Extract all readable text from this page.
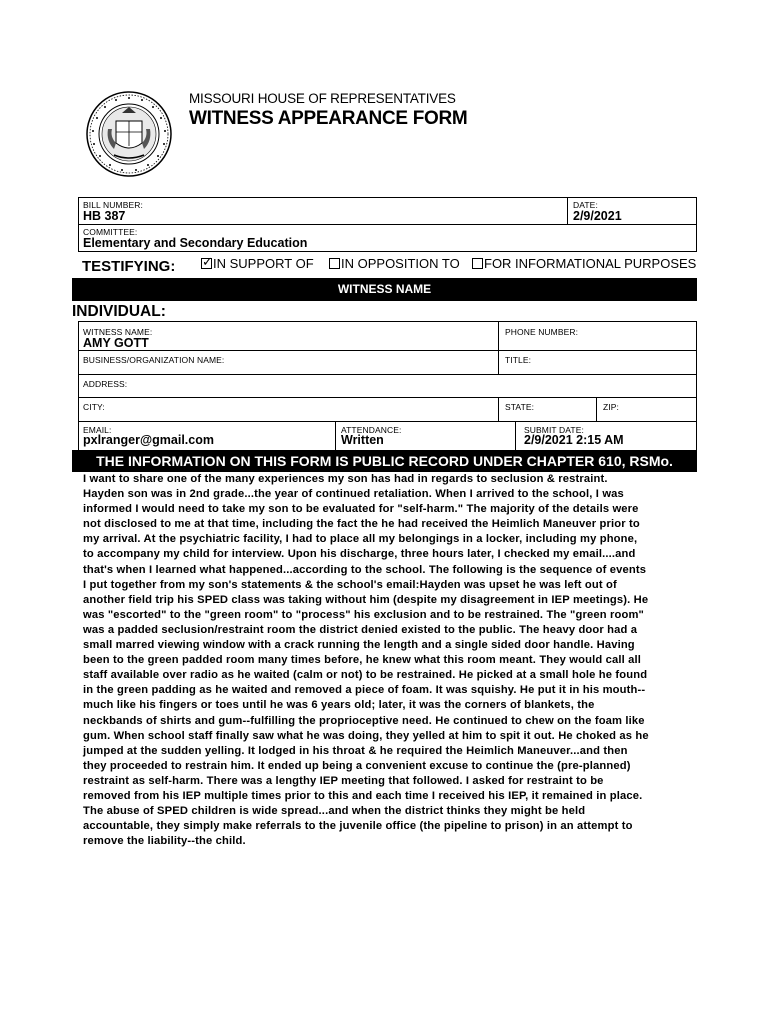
MISSOURI HOUSE OF REPRESENTATIVES
WITNESS APPEARANCE FORM
BILL NUMBER:
HB 387
DATE:
2/9/2021
COMMITTEE:
Elementary and Secondary Education
TESTIFYING: ✓ IN SUPPORT OF IN OPPOSITION TO FOR INFORMATIONAL PURPOSES
WITNESS NAME
INDIVIDUAL:
WITNESS NAME:
AMY GOTT
PHONE NUMBER:
BUSINESS/ORGANIZATION NAME:	TITLE:
ADDRESS:
CITY:	STATE:	ZIP:
EMAIL:
pxlranger@gmail.com
ATTENDANCE:
Written
SUBMIT DATE:
2/9/2021 2:15 AM
THE INFORMATION ON THIS FORM IS PUBLIC RECORD UNDER CHAPTER 610, RSMo.
I want to share one of the many experiences my son has had in regards to seclusion & restraint.
Hayden son was in 2nd grade...the year of continued retaliation. When I arrived to the school, I was
informed I would need to take my son to be evaluated for "self-harm." The majority of the details were
not disclosed to me at that time, including the fact the he had received the Heimlich Maneuver prior to
my arrival. At the psychiatric facility, I had to place all my belongings in a locker, including my phone,
to accompany my child for interview. Upon his discharge, three hours later, I checked my email....and
that's when I learned what happened...according to the school. The following is the sequence of events
I put together from my son's statements & the school's email:Hayden was upset he was left out of
another field trip his SPED class was taking without him (despite my disagreement in IEP meetings). He
was "escorted" to the "green room" to "process" his exclusion and to be restrained. The "green room"
was a padded seclusion/restraint room the district denied existed to the public. The heavy door had a
small marred viewing window with a crack running the length and a single sided door handle. Having
been to the green padded room many times before, he knew what this room meant. They would call all
staff available over radio as he waited (calm or not) to be restrained. He picked at a small hole he found
in the green padding as he waited and removed a piece of foam. It was squishy. He put it in his mouth--
much like his fingers or toes until he was 6 years old; later, it was the corners of blankets, the
neckbands of shirts and gum--fulfilling the proprioceptive need. He continued to chew on the foam like
gum. When school staff finally saw what he was doing, they yelled at him to spit it out. He choked as he
jumped at the sudden yelling. It lodged in his throat & he required the Heimlich Maneuver...and then
they proceeded to restrain him. It ended up being a convenient excuse to continue the (pre-planned)
restraint as self-harm. There was a lengthy IEP meeting that followed. I asked for restraint to be
removed from his IEP multiple times prior to this and each time I received his IEP, it remained in place.
The abuse of SPED children is wide spread...and when the district thinks they might be held
accountable, they simply make referrals to the juvenile office (the pipeline to prison) in an attempt to
remove the liability--the child.
